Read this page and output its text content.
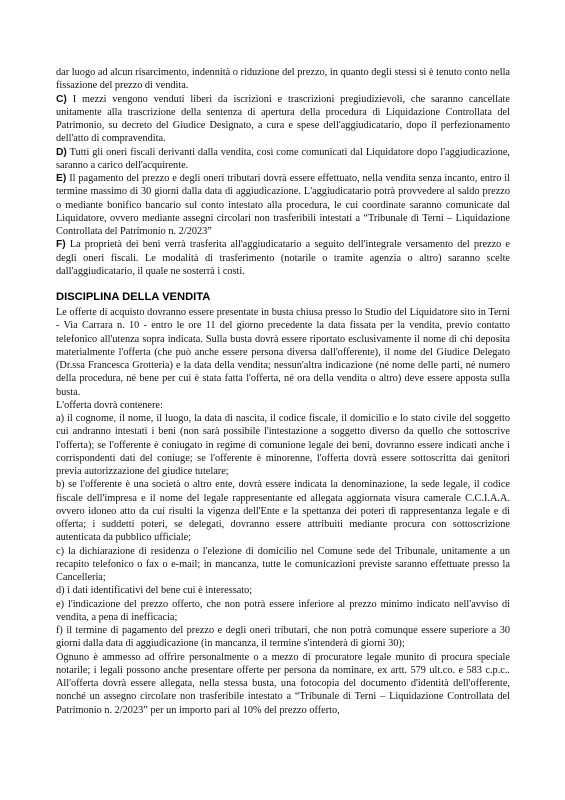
dar luogo ad alcun risarcimento, indennità o riduzione del prezzo, in quanto degli stessi si è tenuto conto nella fissazione del prezzo di vendita.

C) I mezzi vengono venduti liberi da iscrizioni e trascrizioni pregiudizievoli, che saranno cancellate unitamente alla trascrizione della sentenza di apertura della procedura di Liquidazione Controllata del Patrimonio, su decreto del Giudice Designato, a cura e spese dell'aggiudicatario, dopo il perfezionamento dell'atto di compravendita.

D) Tutti gli oneri fiscali derivanti dalla vendita, così come comunicati dal Liquidatore dopo l'aggiudicazione, saranno a carico dell'acquirente.

E) Il pagamento del prezzo e degli oneri tributari dovrà essere effettuato, nella vendita senza incanto, entro il termine massimo di 30 giorni dalla data di aggiudicazione. L'aggiudicatario potrà provvedere al saldo prezzo o mediante bonifico bancario sul conto intestato alla procedura, le cui coordinate saranno comunicate dal Liquidatore, ovvero mediante assegni circolari non trasferibili intestati a “Tribunale di Terni – Liquidazione Controllata del Patrimonio n. 2/2023”

F) La proprietà dei beni verrà trasferita all'aggiudicatario a seguito dell'integrale versamento del prezzo e degli oneri fiscali. Le modalità di trasferimento (notarile o tramite agenzia o altro) saranno scelte dall'aggiudicatario, il quale ne sosterrà i costi.

DISCIPLINA DELLA VENDITA

Le offerte di acquisto dovranno essere presentate in busta chiusa presso lo Studio del Liquidatore sito in Terni - Via Carrara n. 10 - entro le ore 11 del giorno precedente la data fissata per la vendita, previo contatto telefonico all'utenza sopra indicata. Sulla busta dovrà essere riportato esclusivamente il nome di chi deposita materialmente l'offerta (che può anche essere persona diversa dall'offerente), il nome del Giudice Delegato (Dr.ssa Francesca Grotteria) e la data della vendita; nessun'altra indicazione (né nome delle parti, né numero della procedura, né bene per cui è stata fatta l'offerta, né ora della vendita o altro) deve essere apposta sulla busta.

L'offerta dovrà contenere:

a) il cognome, il nome, il luogo, la data di nascita, il codice fiscale, il domicilio e lo stato civile del soggetto cui andranno intestati i beni (non sarà possibile l'intestazione a soggetto diverso da quello che sottoscrive l'offerta); se l'offerente è coniugato in regime di comunione legale dei beni, dovranno essere indicati anche i corrispondenti dati del coniuge; se l'offerente è minorenne, l'offerta dovrà essere sottoscritta dai genitori previa autorizzazione del giudice tutelare;

b) se l'offerente è una società o altro ente, dovrà essere indicata la denominazione, la sede legale, il codice fiscale dell'impresa e il nome del legale rappresentante ed allegata aggiornata visura camerale C.C.I.A.A. ovvero idoneo atto da cui risulti la vigenza dell'Ente e la spettanza dei poteri di rappresentanza legale e di offerta; i suddetti poteri, se delegati, dovranno essere attribuiti mediante procura con sottoscrizione autenticata da pubblico ufficiale;

c) la dichiarazione di residenza o l'elezione di domicilio nel Comune sede del Tribunale, unitamente a un recapito telefonico o fax o e-mail; in mancanza, tutte le comunicazioni previste saranno effettuate presso la Cancelleria;

d) i dati identificativi del bene cui è interessato;

e) l'indicazione del prezzo offerto, che non potrà essere inferiore al prezzo minimo indicato nell'avviso di vendita, a pena di inefficacia;

f) il termine di pagamento del prezzo e degli oneri tributari, che non potrà comunque essere superiore a 30 giorni dalla data di aggiudicazione (in mancanza, il termine s'intenderà di giorni 30);

Ognuno è ammesso ad offrire personalmente o a mezzo di procuratore legale munito di procura speciale notarile; i legali possono anche presentare offerte per persona da nominare, ex artt. 579 ult.co. e 583 c.p.c.. All'offerta dovrà essere allegata, nella stessa busta, una fotocopia del documento d'identità dell'offerente, nonché un assegno circolare non trasferibile intestato a “Tribunale di Terni – Liquidazione Controllata del Patrimonio n. 2/2023” per un importo pari al 10% del prezzo offerto,
